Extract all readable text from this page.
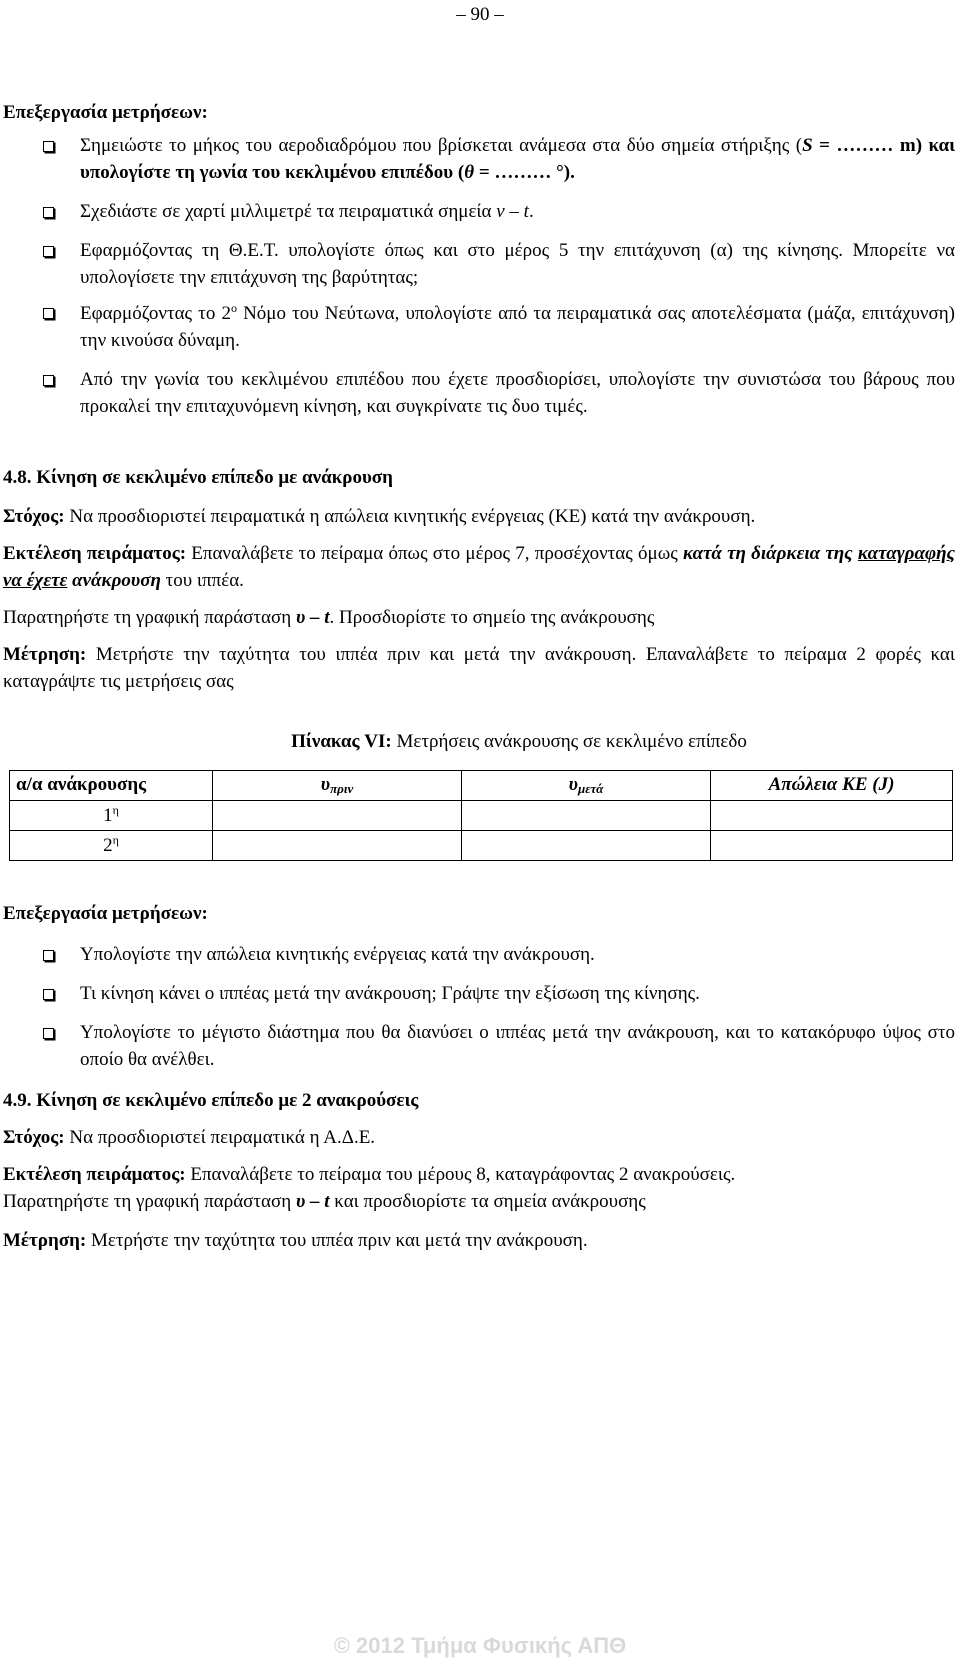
– 90 –
Επεξεργασία μετρήσεων:
Σημειώστε το μήκος του αεροδιαδρόμου που βρίσκεται ανάμεσα στα δύο σημεία στήριξης (S = ……… m) και υπολογίστε τη γωνία του κεκλιμένου επιπέδου (θ = ……… °).
Σχεδιάστε σε χαρτί μιλλιμετρέ τα πειραματικά σημεία v – t.
Εφαρμόζοντας τη Θ.Ε.Τ. υπολογίστε όπως και στο μέρος 5 την επιτάχυνση (α) της κίνησης. Μπορείτε να υπολογίσετε την επιτάχυνση της βαρύτητας;
Εφαρμόζοντας το $2^o$ Νόμο του Νεύτωνα, υπολογίστε από τα πειραματικά σας αποτελέσματα (μάζα, επιτάχυνση) την κινούσα δύναμη.
Από την γωνία του κεκλιμένου επιπέδου που έχετε προσδιορίσει, υπολογίστε την συνιστώσα του βάρους που προκαλεί την επιταχυνόμενη κίνηση, και συγκρίνατε τις δυο τιμές.
4.8. Κίνηση σε κεκλιμένο επίπεδο με ανάκρουση

Στόχος: Να προσδιοριστεί πειραματικά η απώλεια κινητικής ενέργειας (ΚΕ) κατά την ανάκρουση.

Εκτέλεση πειράματος: Επαναλάβετε το πείραμα όπως στο μέρος 7, προσέχοντας όμως κατά τη διάρκεια της καταγραφής να έχετε ανάκρουση του ιππέα.

Παρατηρήστε τη γραφική παράσταση υ – t. Προσδιορίστε το σημείο της ανάκρουσης

Μέτρηση: Μετρήστε την ταχύτητα του ιππέα πριν και μετά την ανάκρουση. Επαναλάβετε το πείραμα 2 φορές και καταγράψτε τις μετρήσεις σας

Πίνακας VI: Μετρήσεις ανάκρουσης σε κεκλιμένο επίπεδο

α/α ανάκρουσης	$\upsilon_{\pi\rho\iota\nu}$	$\upsilon_{\mu\varepsilon\tau ά}$	Απώλεια ΚΕ (J)
$1^\eta$			
$2^\eta$			
Επεξεργασία μετρήσεων:
Υπολογίστε την απώλεια κινητικής ενέργειας κατά την ανάκρουση.
Τι κίνηση κάνει ο ιππέας μετά την ανάκρουση; Γράψτε την εξίσωση της κίνησης.
Υπολογίστε το μέγιστο διάστημα που θα διανύσει ο ιππέας μετά την ανάκρουση, και το κατακόρυφο ύψος στο οποίο θα ανέλθει.
4.9. Κίνηση σε κεκλιμένο επίπεδο με 2 ανακρούσεις

Στόχος: Να προσδιοριστεί πειραματικά η Α.Δ.Ε.

Εκτέλεση πειράματος: Επαναλάβετε το πείραμα του μέρους 8, καταγράφοντας 2 ανακρούσεις.
Παρατηρήστε τη γραφική παράσταση υ – t και προσδιορίστε τα σημεία ανάκρουσης

Μέτρηση: Μετρήστε την ταχύτητα του ιππέα πριν και μετά την ανάκρουση.

© 2012 Τμήμα Φυσικής ΑΠΘ
